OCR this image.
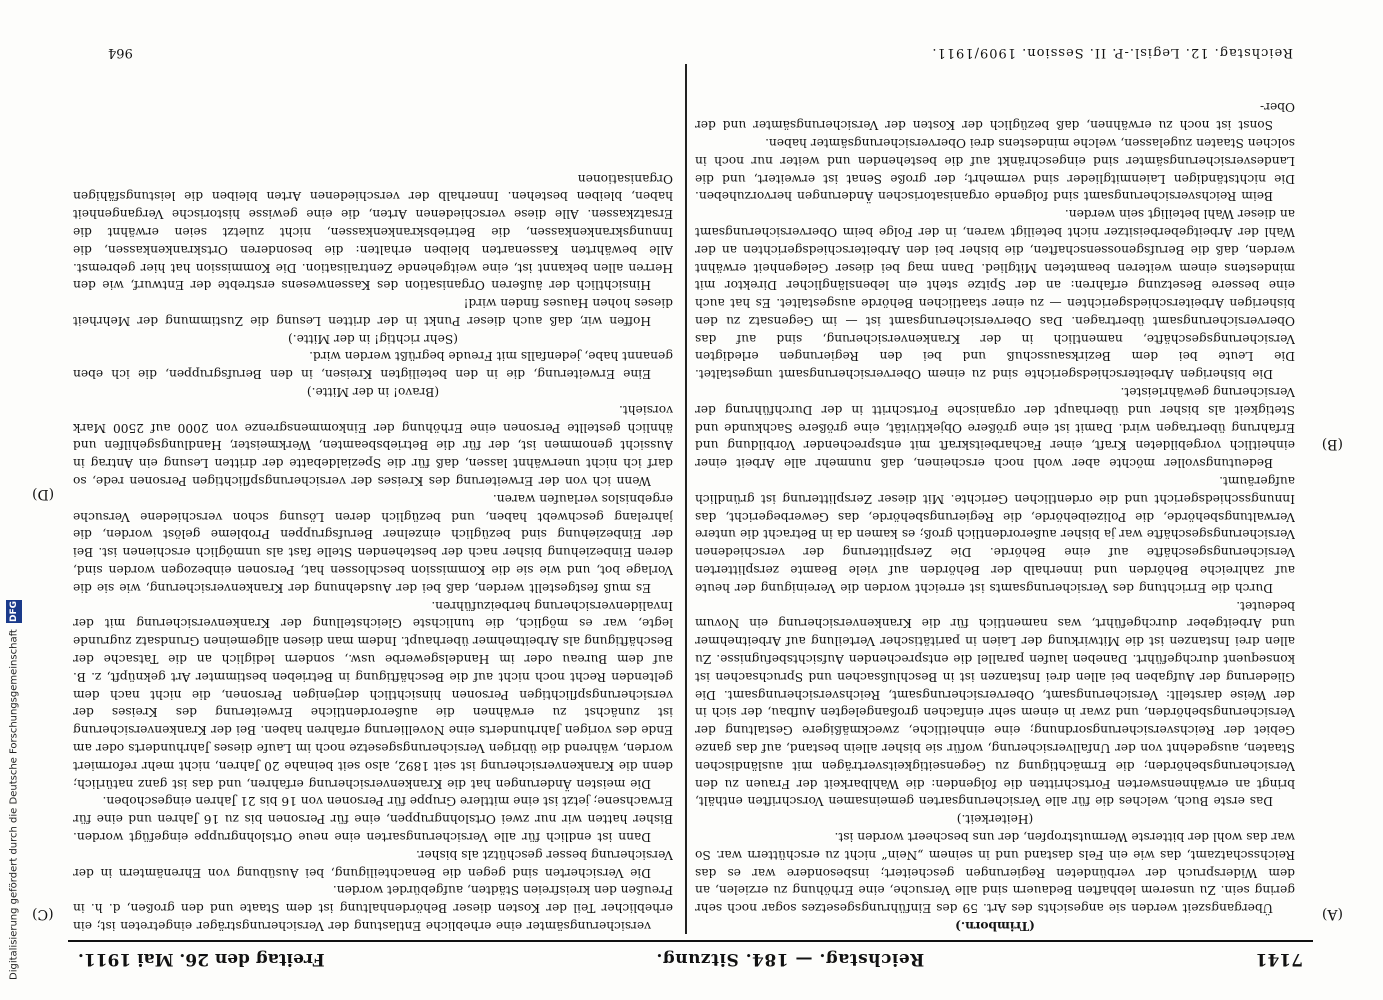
7141
Reichstag. — 184. Sitzung.
Freitag den 26. Mai 1911.
(A)
(B)
(C)
(D)

(Trimborn.)

Übergangszeit werden sie angesichts des Art. 59 des Einführungsgesetzes sogar noch sehr gering sein. Zu unserem lebhaften Bedauern sind alle Versuche, eine Erhöhung zu erzielen, an dem Widerspruch der verbündeten Regierungen gescheitert; insbesondere war es das Reichsschatzamt, das wie ein Fels dastand und in seinem „Nein“ nicht zu erschüttern war. So war das wohl der bitterste Wermutstropfen, der uns bescheert worden ist.

(Heiterkeit.)

Das erste Buch, welches die für alle Versicherungsarten gemeinsamen Vorschriften enthält, bringt an erwähnenswerten Fortschritten die folgenden: die Wahlbarkeit der Frauen zu den Versicherungsbehörden; die Ermächtigung zu Gegenseitigkeitsverträgen mit ausländischen Staaten, ausgedehnt von der Unfallversicherung, wofür sie bisher allein bestand, auf das ganze Gebiet der Reichsversicherungsordnung; eine einheitliche, zweckmäßigere Gestaltung der Versicherungsbehörden, und zwar in einem sehr einfachen großangelegten Aufbau, der sich in der Weise darstellt: Versicherungsamt, Oberversicherungsamt, Reichsversicherungsamt. Die Gliederung der Aufgaben bei allen drei Instanzen ist in Beschlußsachen und Spruchsachen ist konsequent durchgeführt. Daneben laufen parallel die entsprechenden Aufsichtsbefugnisse. Zu allen drei Instanzen ist die Mitwirkung der Laien in paritätischer Verteilung auf Arbeitnehmer und Arbeitgeber durchgeführt, was namentlich für die Krankenversicherung ein Novum bedeutet.

Durch die Errichtung des Versicherungsamts ist erreicht worden die Vereinigung der heute auf zahlreiche Behörden und innerhalb der Behörden auf viele Beamte zersplitterten Versicherungsgeschäfte auf eine Behörde. Die Zersplitterung der verschiedenen Versicherungsgeschäfte war ja bisher außerordentlich groß; es kamen da in Betracht die untere Verwaltungsbehörde, die Polizeibehörde, die Regierungsbehörde, das Gewerbegericht, das Innungsschiedsgericht und die ordentlichen Gerichte. Mit dieser Zersplitterung ist gründlich aufgeräumt.

Bedeutungsvoller möchte aber wohl noch erscheinen, daß nunmehr alle Arbeit einer einheitlich vorgebildeten Kraft, einer Facharbeitskraft mit entsprechender Vorbildung und Erfahrung übertragen wird. Damit ist eine größere Objektivität, eine größere Sachkunde und Stetigkeit als bisher und überhaupt der organische Fortschritt in der Durchführung der Versicherung gewährleistet.

Die bisherigen Arbeiterschiedsgerichte sind zu einem Oberversicherungsamt umgestaltet. Die Leute bei dem Bezirksausschuß und bei den Regierungen erledigten Versicherungsgeschäfte, namentlich in der Krankenversicherung, sind auf das Oberversicherungsamt übertragen. Das Oberversicherungsamt ist — im Gegensatz zu den bisherigen Arbeiterschiedsgerichten — zu einer staatlichen Behörde ausgestaltet. Es hat auch eine bessere Besetzung erfahren: an der Spitze steht ein lebenslänglicher Direktor mit mindestens einem weiteren beamteten Mitglied. Dann mag bei dieser Gelegenheit erwähnt werden, daß die Berufsgenossenschaften, die bisher bei den Arbeiterschiedsgerichten an der Wahl der Arbeitgeberbeisitzer nicht beteiligt waren, in der Folge beim Oberversicherungsamt an dieser Wahl beteiligt sein werden.

Beim Reichsversicherungsamt sind folgende organisatorischen Änderungen hervorzuheben. Die nichtständigen Laienmitglieder sind vermehrt; der große Senat ist erweitert, und die Landesversicherungsämter sind eingeschränkt auf die bestehenden und weiter nur noch in solchen Staaten zugelassen, welche mindestens drei Oberversicherungsämter haben.

Sonst ist noch zu erwähnen, daß bezüglich der Kosten der Versicherungsämter und der Ober-

versicherungsämter eine erhebliche Entlastung der Versicherungsträger eingetreten ist; ein erheblicher Teil der Kosten dieser Behördenhaltung ist dem Staate und den großen, d. h. in Preußen den kreisfreien Städten, aufgebürdet worden.

Die Versicherten sind gegen die Benachteiligung, bei Ausübung von Ehrenämtern in der Versicherung besser geschützt als bisher.

Dann ist endlich für alle Versicherungsarten eine neue Ortslohngruppe eingefügt worden. Bisher hatten wir nur zwei Ortslohngruppen, eine für Personen bis zu 16 Jahren und eine für Erwachsene; jetzt ist eine mittlere Gruppe für Personen von 16 bis 21 Jahren eingeschoben.

Die meisten Änderungen hat die Krankenversicherung erfahren, und das ist ganz natürlich; denn die Krankenversicherung ist seit 1892, also seit beinahe 20 Jahren, nicht mehr reformiert worden, während die übrigen Versicherungsgesetze noch im Laufe dieses Jahrhunderts oder am Ende des vorigen Jahrhunderts eine Novellierung erfahren haben. Bei der Krankenversicherung ist zunächst zu erwähnen die außerordentliche Erweiterung des Kreises der versicherungspflichtigen Personen hinsichtlich derjenigen Personen, die nicht nach dem geltenden Recht noch nicht auf die Beschäftigung in Betrieben bestimmter Art geknüpft, z. B. auf dem Bureau oder im Handelsgewerbe usw., sondern lediglich an die Tatsache der Beschäftigung als Arbeitnehmer überhaupt. Indem man diesen allgemeinen Grundsatz zugrunde legte, war es möglich, die tunlichste Gleichstellung der Krankenversicherung mit der Invalidenversicherung herbeizuführen.

Es muß festgestellt werden, daß bei der Ausdehnung der Krankenversicherung, wie sie die Vorlage bot, und wie sie die Kommission beschlossen hat, Personen einbezogen worden sind, deren Einbeziehung bisher nach der bestehenden Stelle fast als unmöglich erschienen ist. Bei der Einbeziehung sind bezüglich einzelner Berufsgruppen Probleme gelöst worden, die jahrelang geschwebt haben, und bezüglich deren Lösung schon verschiedene Versuche ergebnislos verlaufen waren.

Wenn ich von der Erweiterung des Kreises der versicherungspflichtigen Personen rede, so darf ich nicht unerwähnt lassen, daß für die Spezialdebatte der dritten Lesung ein Antrag in Aussicht genommen ist, der für die Betriebsbeamten, Werkmeister, Handlungsgehilfen und ähnlich gestellte Personen eine Erhöhung der Einkommensgrenze von 2000 auf 2500 Mark vorsieht.

(Bravo! in der Mitte.)

Eine Erweiterung, die in den beteiligten Kreisen, in den Berufsgruppen, die ich eben genannt habe, jedenfalls mit Freude begrüßt werden wird.

(Sehr richtig! in der Mitte.)

Hoffen wir, daß auch dieser Punkt in der dritten Lesung die Zustimmung der Mehrheit dieses hohen Hauses finden wird!

Hinsichtlich der äußeren Organisation des Kassenwesens erstrebte der Entwurf, wie den Herren allen bekannt ist, eine weitgehende Zentralisation. Die Kommission hat hier gebremst. Alle bewährten Kassenarten bleiben erhalten: die besonderen Ortskrankenkassen, die Innungskrankenkassen, die Betriebskrankenkassen, nicht zuletzt seien erwähnt die Ersatzkassen. Alle diese verschiedenen Arten, die eine gewisse historische Vergangenheit haben, bleiben bestehen. Innerhalb der verschiedenen Arten bleiben die leistungsfähigen Organisationen

Reichstag. 12. Legisl.-P. II. Session. 1909/1911.
964
Digitalisierung gefördert durch die Deutsche Forschungsgemeinschaft
DFG
